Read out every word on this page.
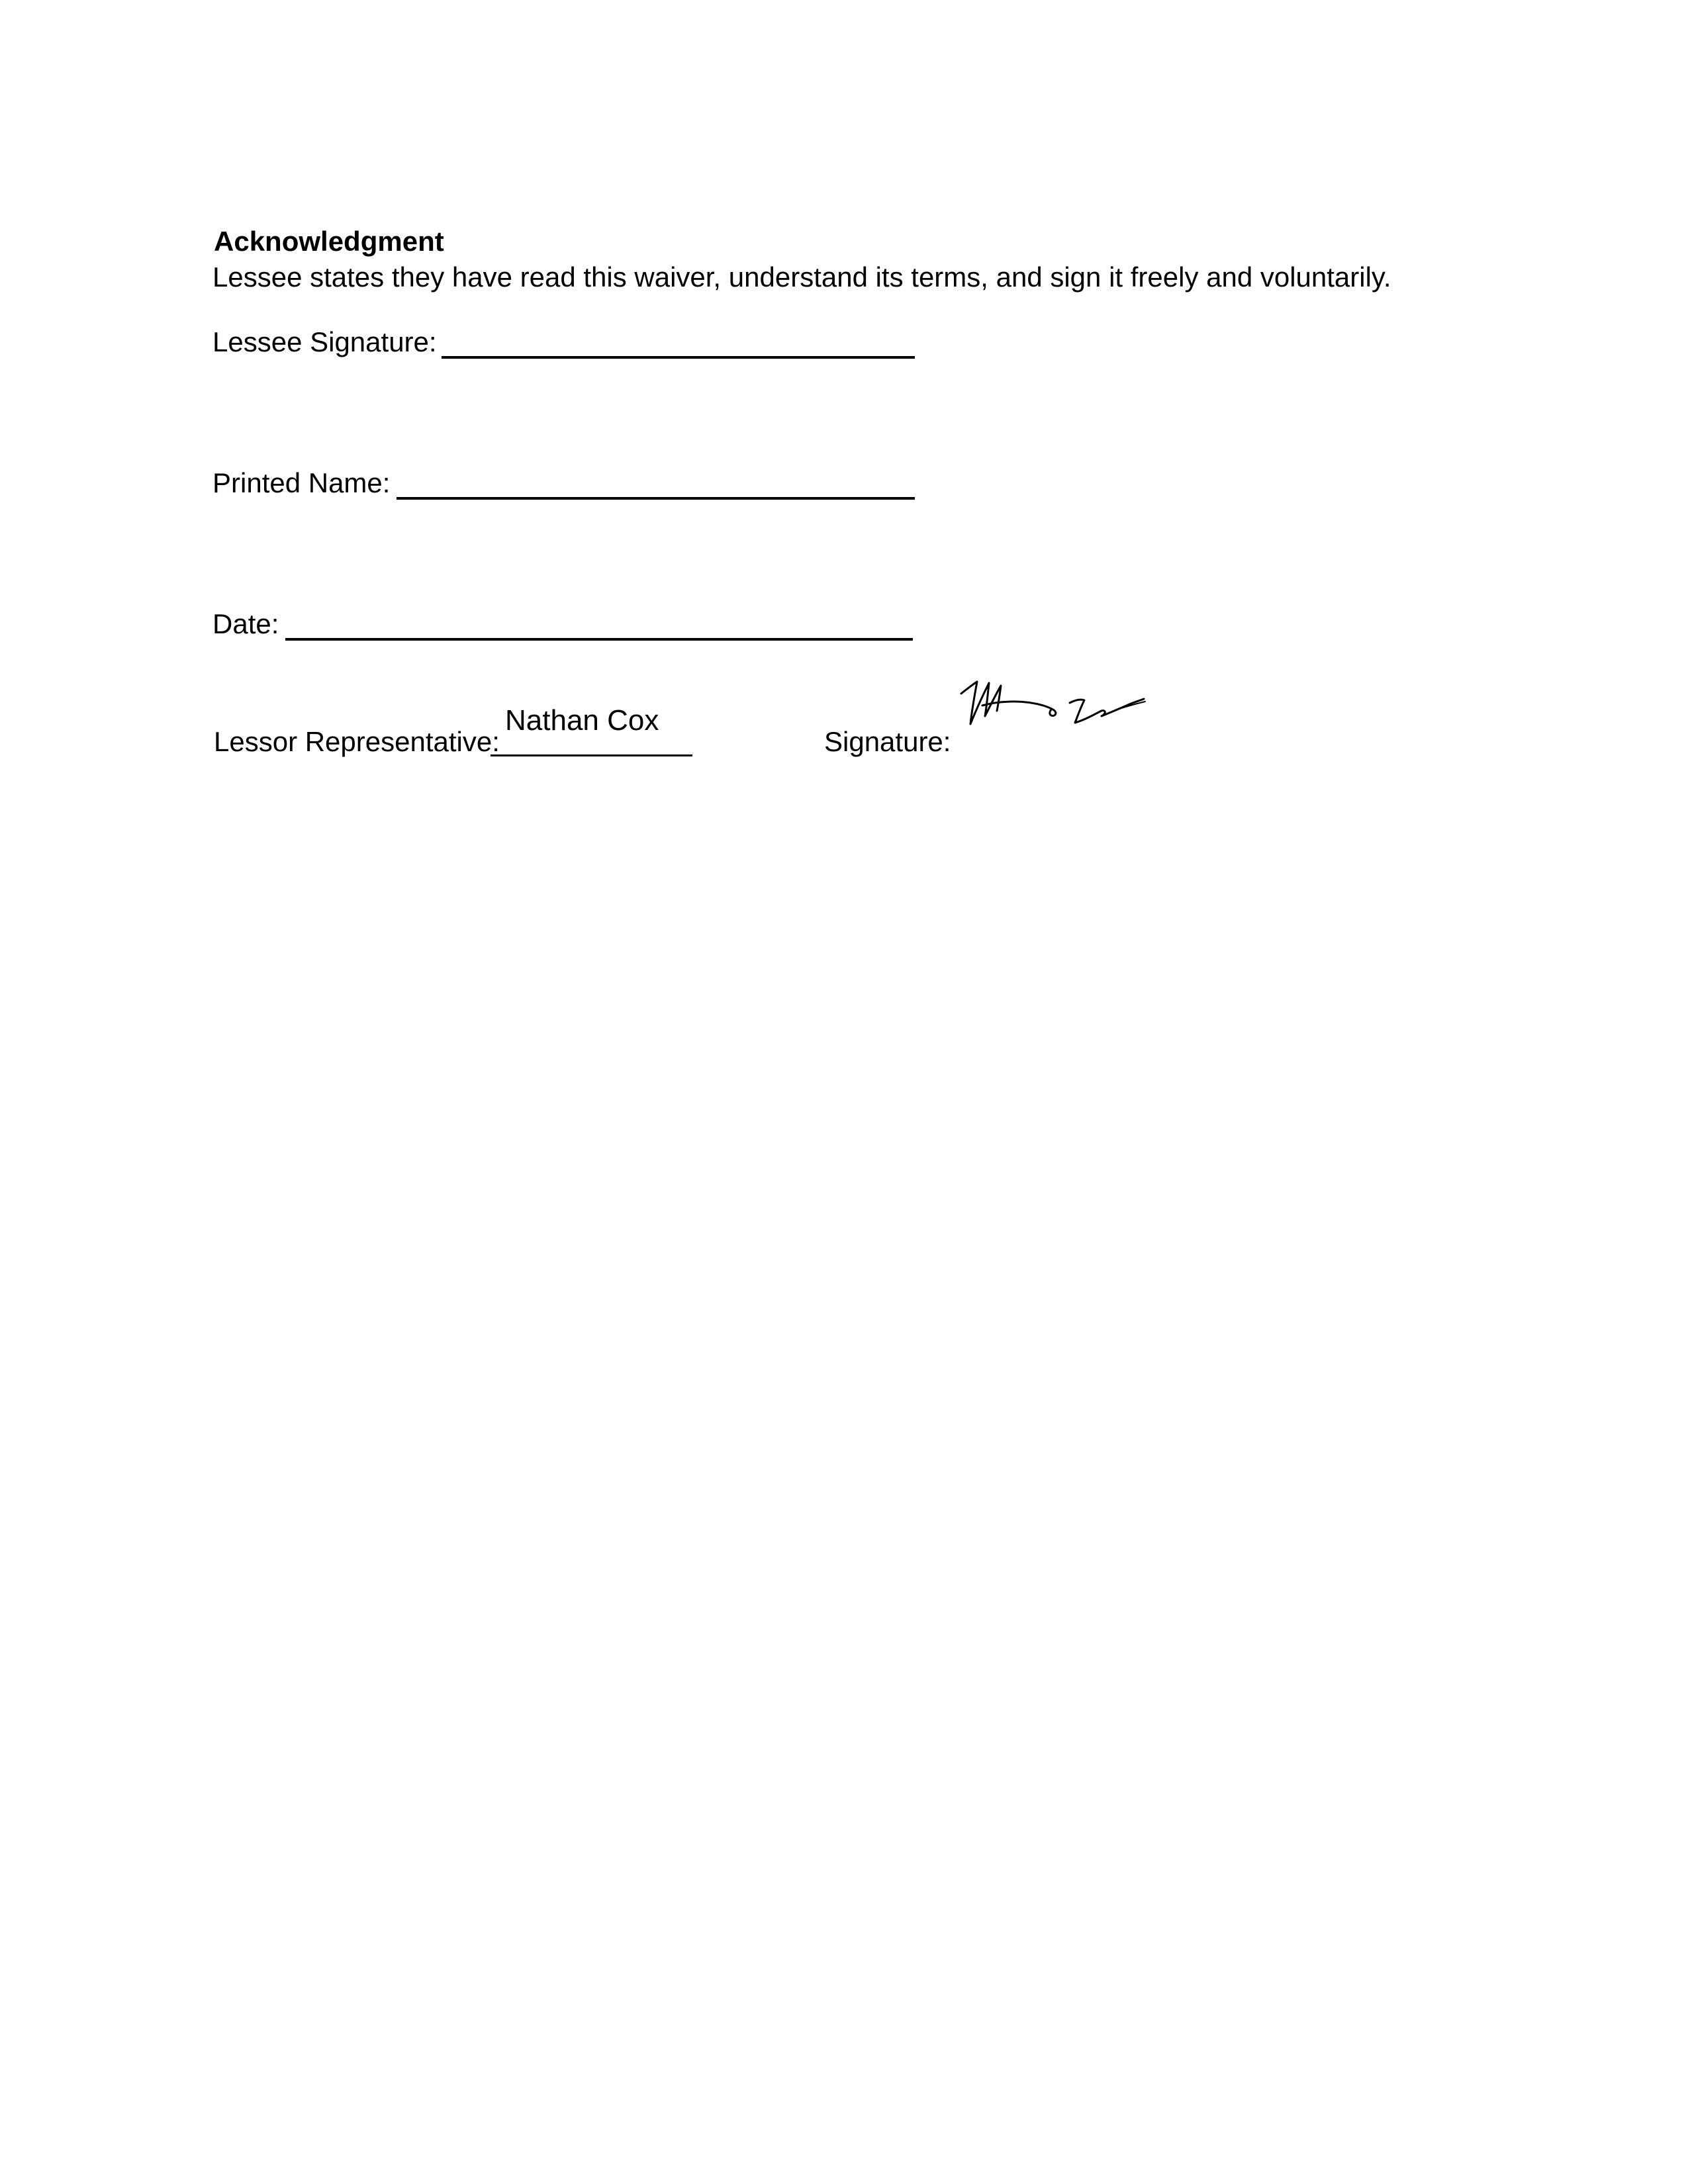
Acknowledgment
Lessee states they have read this waiver, understand its terms, and sign it freely and voluntarily.
Lessee Signature:
Printed Name:
Date:
Lessor Representative:
Nathan Cox
Signature:
